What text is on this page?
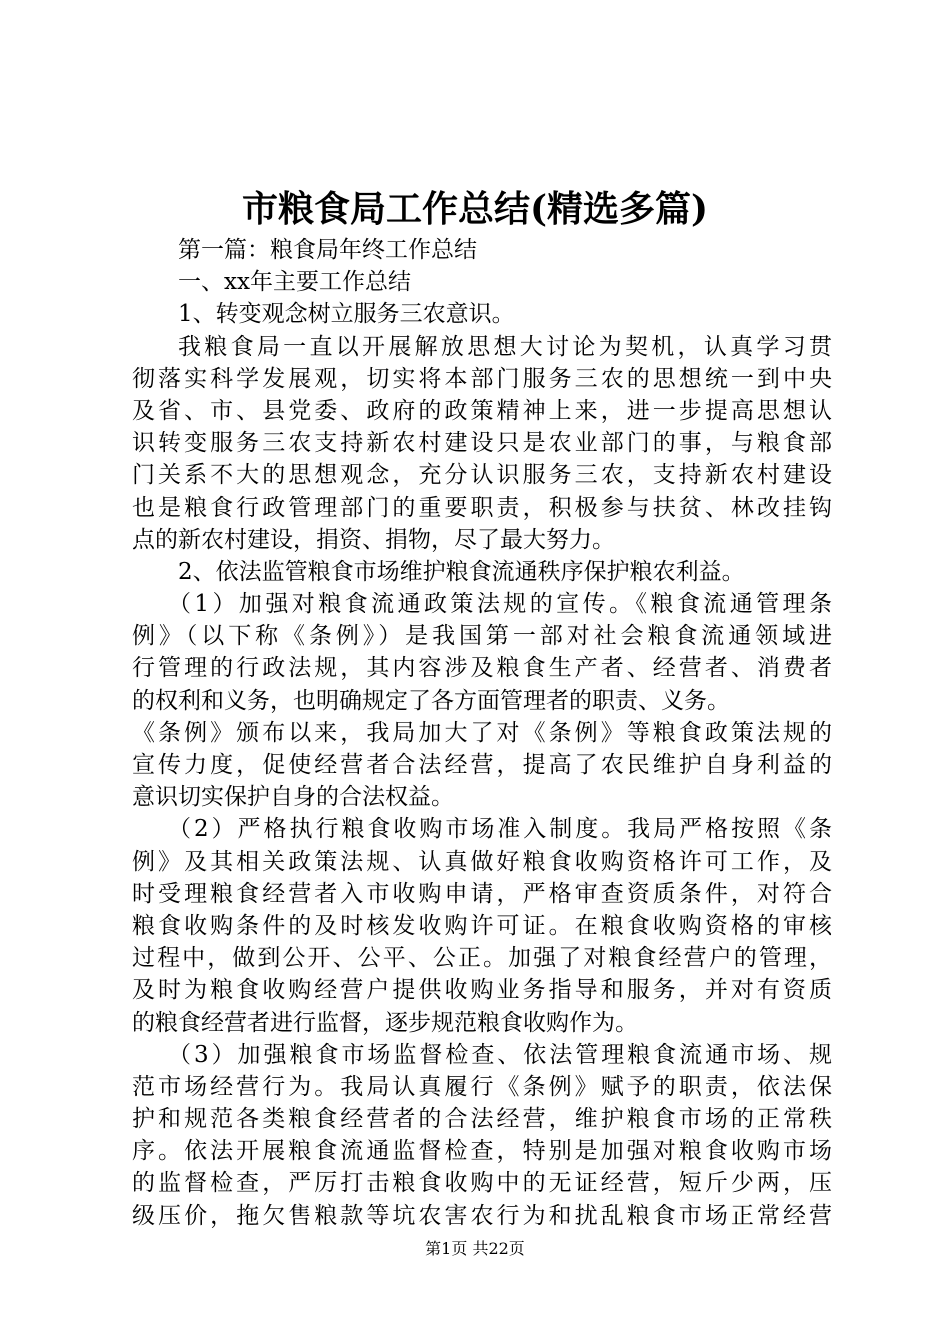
市粮食局工作总结(精选多篇)
第一篇：粮食局年终工作总结
一、xx年主要工作总结
1、转变观念树立服务三农意识。
我粮食局一直以开展解放思想大讨论为契机，认真学习贯
彻落实科学发展观，切实将本部门服务三农的思想统一到中央
及省、市、县党委、政府的政策精神上来，进一步提高思想认
识转变服务三农支持新农村建设只是农业部门的事，与粮食部
门关系不大的思想观念，充分认识服务三农，支持新农村建设
也是粮食行政管理部门的重要职责，积极参与扶贫、林改挂钩
点的新农村建设，捐资、捐物，尽了最大努力。
2、依法监管粮食市场维护粮食流通秩序保护粮农利益。
（1）加强对粮食流通政策法规的宣传。《粮食流通管理条
例》（以下称《条例》）是我国第一部对社会粮食流通领域进
行管理的行政法规，其内容涉及粮食生产者、经营者、消费者
的权利和义务，也明确规定了各方面管理者的职责、义务。
《条例》颁布以来，我局加大了对《条例》等粮食政策法规的
宣传力度，促使经营者合法经营，提高了农民维护自身利益的
意识切实保护自身的合法权益。
（2）严格执行粮食收购市场准入制度。我局严格按照《条
例》及其相关政策法规、认真做好粮食收购资格许可工作，及
时受理粮食经营者入市收购申请，严格审查资质条件，对符合
粮食收购条件的及时核发收购许可证。在粮食收购资格的审核
过程中，做到公开、公平、公正。加强了对粮食经营户的管理，
及时为粮食收购经营户提供收购业务指导和服务，并对有资质
的粮食经营者进行监督，逐步规范粮食收购作为。
（3）加强粮食市场监督检查、依法管理粮食流通市场、规
范市场经营行为。我局认真履行《条例》赋予的职责，依法保
护和规范各类粮食经营者的合法经营，维护粮食市场的正常秩
序。依法开展粮食流通监督检查，特别是加强对粮食收购市场
的监督检查，严厉打击粮食收购中的无证经营，短斤少两，压
级压价，拖欠售粮款等坑农害农行为和扰乱粮食市场正常经营
第1页 共22页
